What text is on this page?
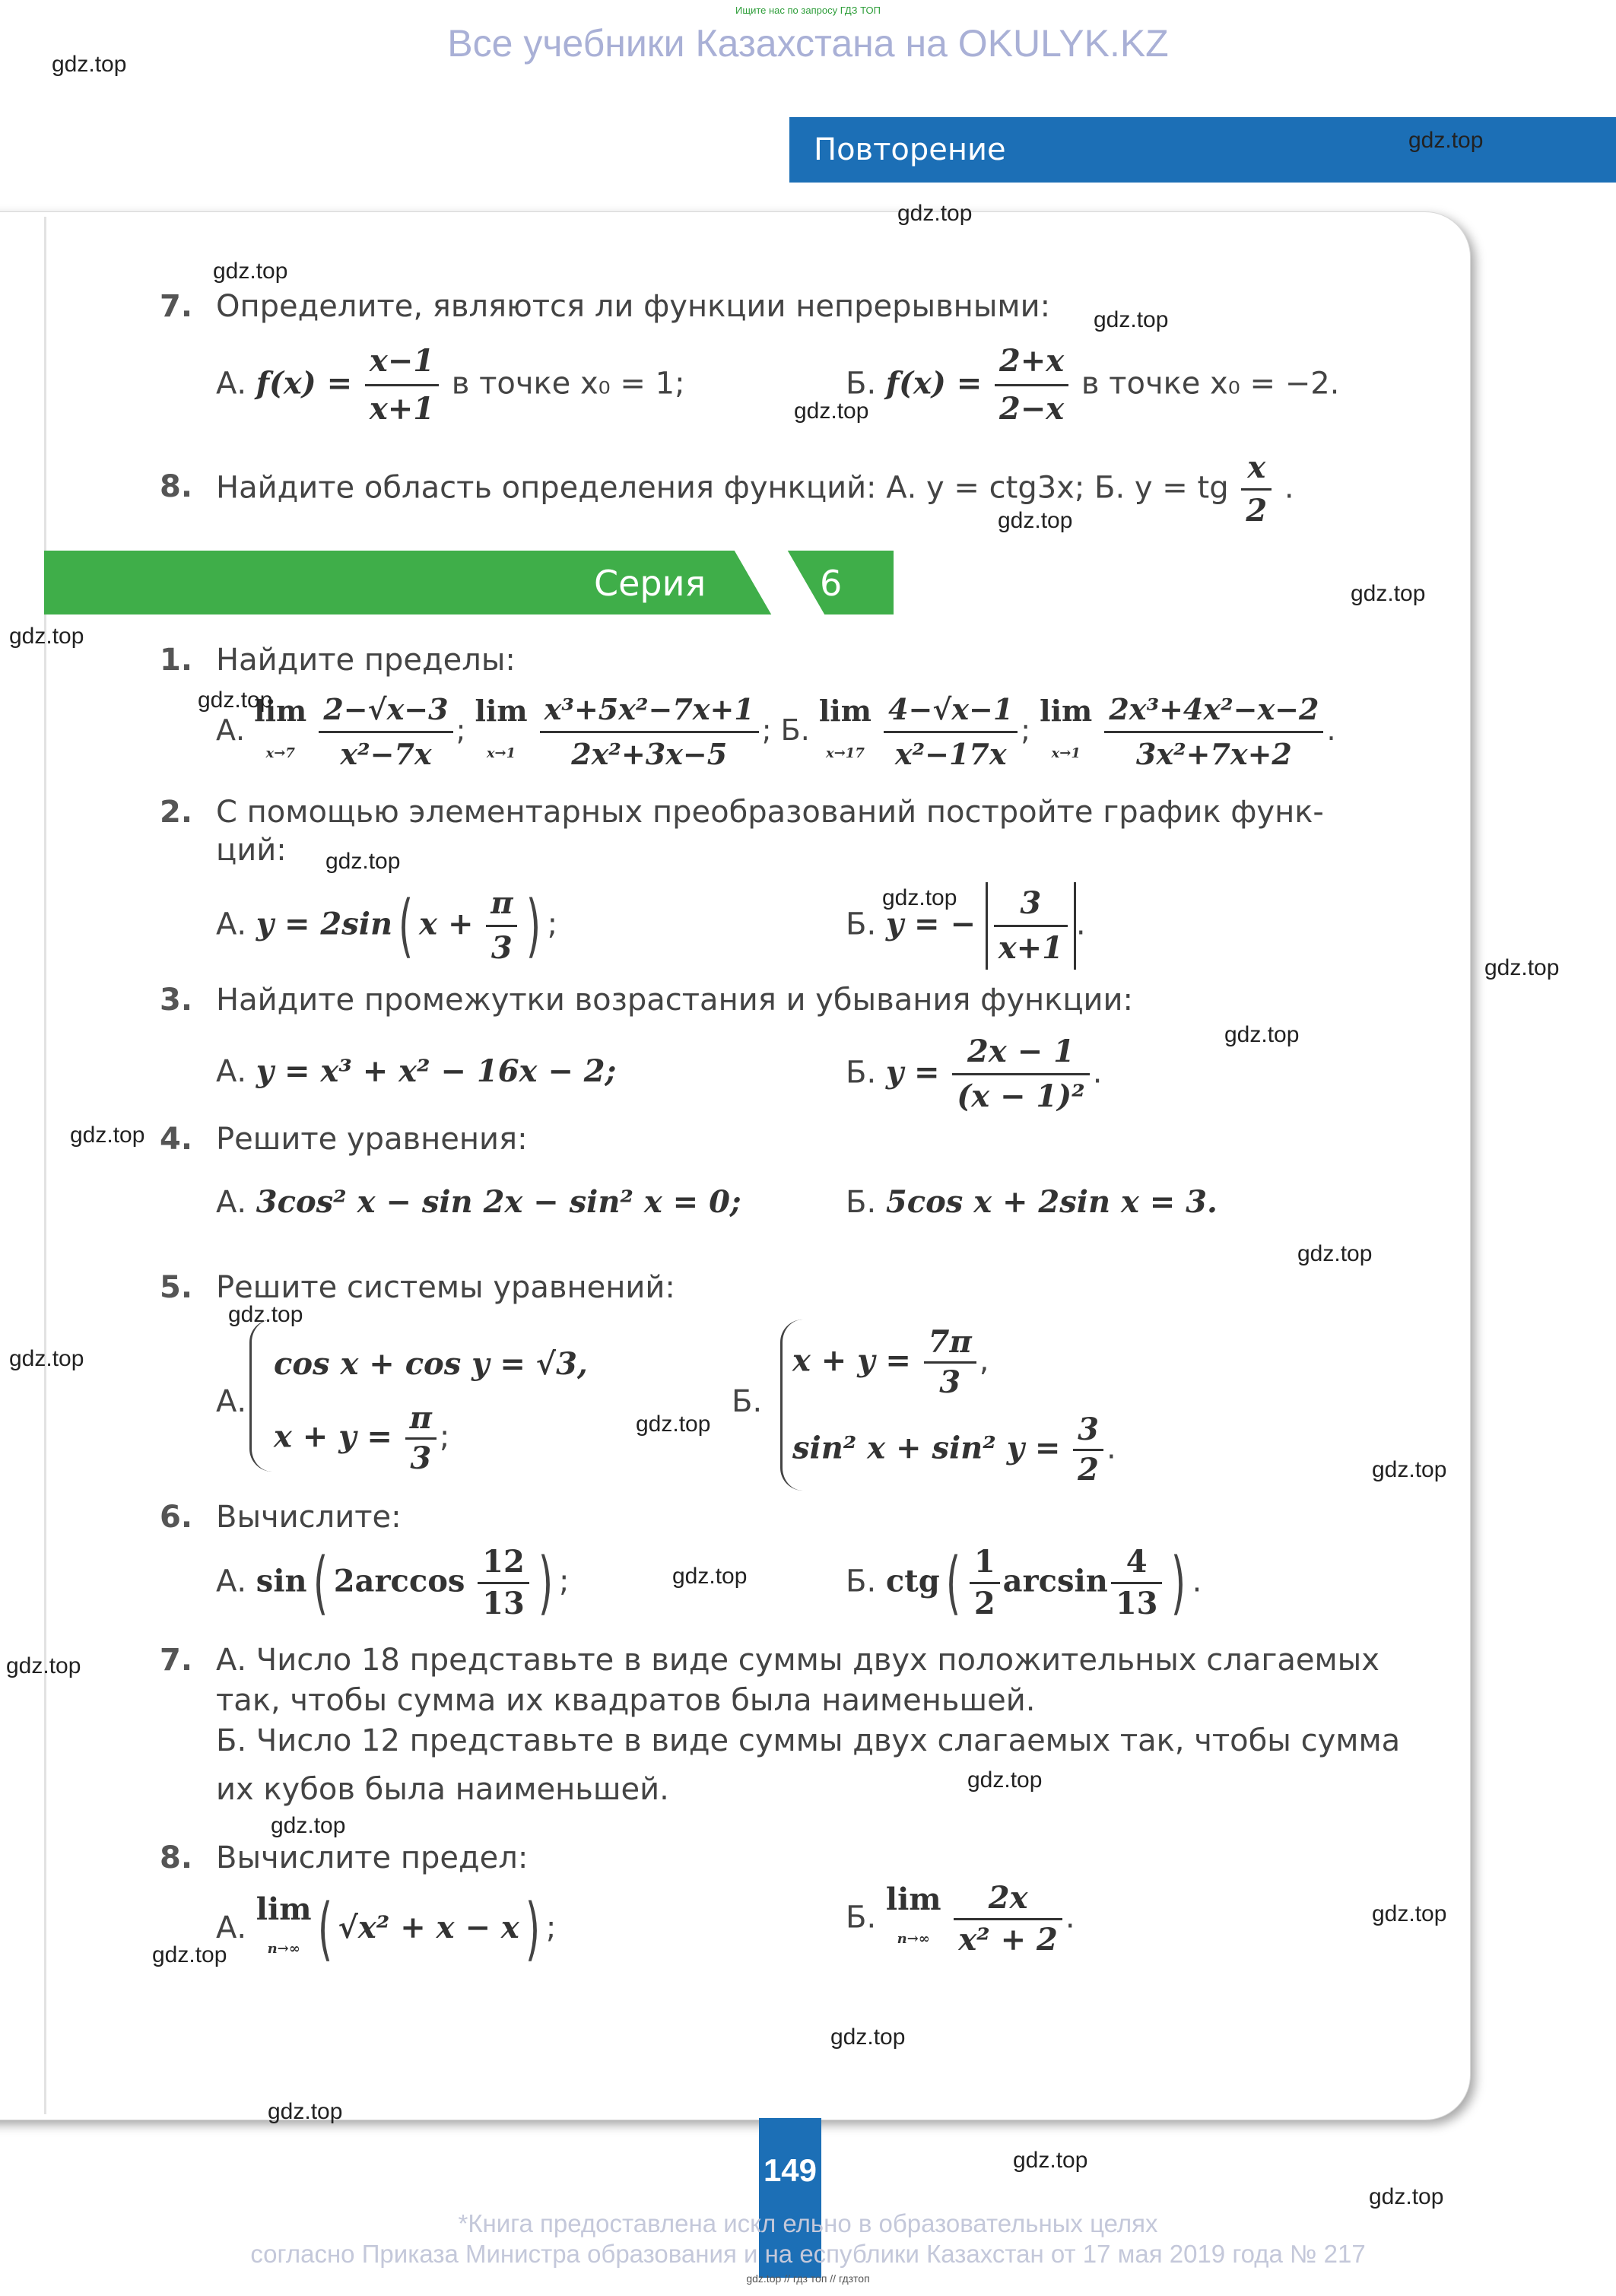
Ищите нас по запросу ГДЗ ТОП
Все учебники Казахстана на OKULYK.KZ
Повторение
7. Определите, являются ли функции непрерывными:
А. $f(x) = \frac{x-1}{x+1}$ в точке x₀ = 1;	Б. $f(x) = \frac{2+x}{2-x}$ в точке x₀ = −2.
8. Найдите область определения функций: А. y = ctg3x; Б. y = tg $\frac{x}{2}$ .
Серия	6
1. Найдите пределы:
А.
lim
x→7
$\frac{2-√x-3}{\text{x²−7x}}$ ;
lim
x→1
$\frac{\text{x³+5x²−7x+1}}{\text{2x²+3x−5}}$ ; Б.
lim
x→17
$\frac{4-√x-1}{\text{x²−17x}}$ ;
lim
x→1
$\frac{\text{2x³+4x²−x−2}}{\text{3x²+7x+2}}$ .
2. С помощью элементарных преобразований постройте график функ-
ций:
А. y = 2sin( $x + \frac{\pi}{3}$ ) ;	Б. y = − $\frac{3}{x+1}$ .
3. Найдите промежутки возрастания и убывания функции:
А. y = x³ + x² − 16x − 2;	Б. $y = \frac{2x - 1}{\text{(x − 1)²}}$ .
4. Решите уравнения:
А. 3cos² x − sin 2x − sin² x = 0;	Б. 5cos x + 2sin x = 3.
5. Решите системы уравнений:
А.
cos x + cos y = √3,
$x + y = \frac{\pi}{3}$ ;
Б.
$x + y = \frac{7\pi}{3}$ ,
sin² x + sin² $y = \frac{3}{2}$ .
6. Вычислите:
А. sin( $2\arccos \frac{12}{13}$ ) ;	Б. $ctg( \frac{1}{2}$ $\arcsin \frac{4}{13}$ ) .
7. А. Число 18 представьте в виде суммы двух положительных слагаемых
так, чтобы сумма их квадратов была наименьшей.
Б. Число 12 представьте в виде суммы двух слагаемых так, чтобы сумма
их кубов была наименьшей.
8. Вычислите предел:
А.
lim
n→∞ ( √x² + x − x) ;	Б.
lim
n→∞
$\frac{2x}{\text{x² + 2}}$ .
149
*Книга предоставлена искл ельно в образовательных целях
согласно Приказа Министра образования и на еспублики Казахстан от 17 мая 2019 года № 217
gdz.top // гдз топ // гдзтоп
gdz.top
gdz.top
gdz.top
gdz.top
gdz.top
gdz.top
gdz.top
gdz.top
gdz.top
gdz.top
gdz.top
gdz.top
gdz.top
gdz.top
gdz.top
gdz.top
gdz.top
gdz.top
gdz.top
gdz.top
gdz.top
gdz.top
gdz.top
gdz.top
gdz.top
gdz.top
gdz.top
gdz.top
gdz.top
gdz.top
